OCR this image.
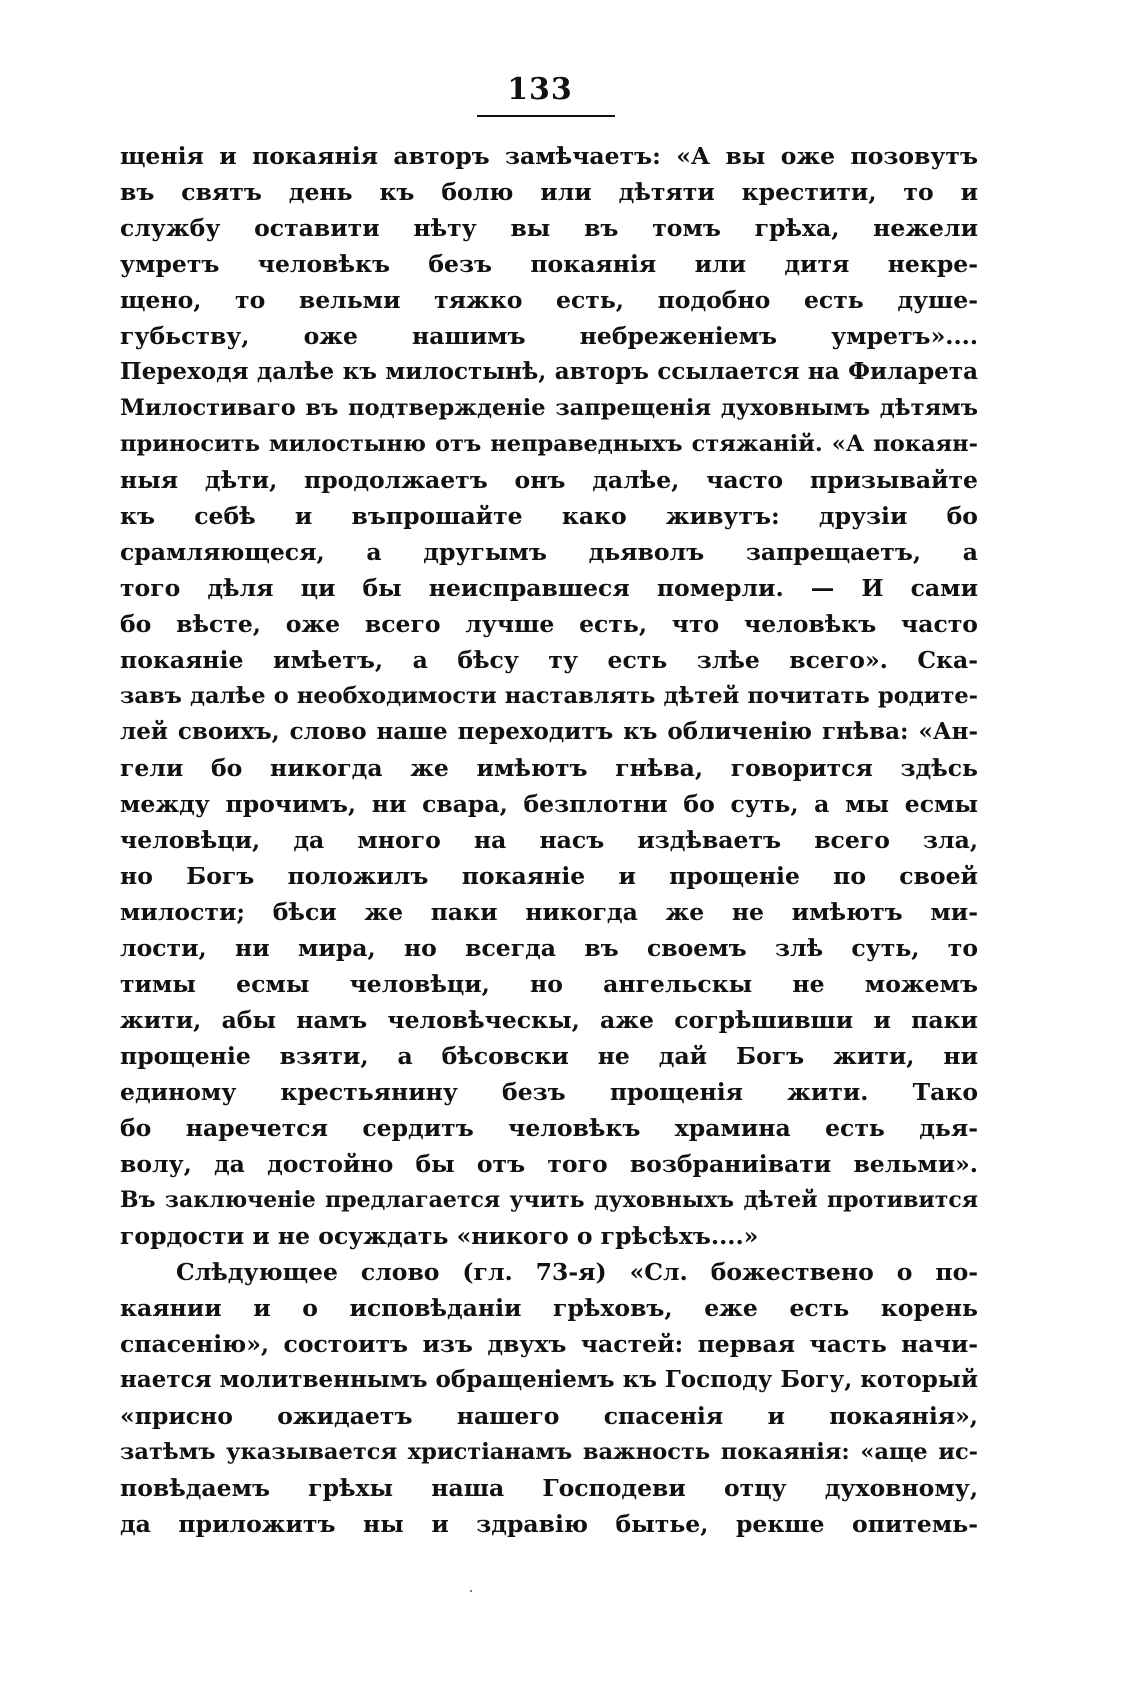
133
щенія и покаянія авторъ замѣчаетъ: «А вы оже позовутъ
въ святъ день къ болю или дѣтяти крестити, то и
службу оставити нѣту вы въ томъ грѣха, нежели
умретъ человѣкъ безъ покаянія или дитя некре-
щено, то вельми тяжко есть, подобно есть душе-
губьству, оже нашимъ небреженіемъ умретъ»....
Переходя далѣе къ милостынѣ, авторъ ссылается на Филарета
Милостиваго въ подтвержденіе запрещенія духовнымъ дѣтямъ
приносить милостыню отъ неправедныхъ стяжаній. «А покаян-
ныя дѣти, продолжаетъ онъ далѣе, часто призывайте
къ себѣ и въпрошайте како живутъ: друзіи бо
срамляющеся, а другымъ дьяволъ запрещаетъ, а
того дѣля ци бы неисправшеся померли. — И сами
бо вѣсте, оже всего лучше есть, что человѣкъ часто
покаяніе имѣетъ, а бѣсу ту есть злѣе всего». Ска-
завъ далѣе о необходимости наставлять дѣтей почитать родите-
лей своихъ, слово наше переходитъ къ обличенію гнѣва: «Ан-
гели бо никогда же имѣютъ гнѣва, говорится здѣсь
между прочимъ, ни свара, безплотни бо суть, а мы есмы
человѣци, да много на насъ издѣваетъ всего зла,
но Богъ положилъ покаяніе и прощеніе по своей
милости; бѣси же паки никогда же не имѣютъ ми-
лости, ни мира, но всегда въ своемъ злѣ суть, то
тимы есмы человѣци, но ангельскы не можемъ
жити, абы намъ человѣческы, аже согрѣшивши и паки
прощеніе взяти, а бѣсовски не дай Богъ жити, ни
единому крестьянину безъ прощенія жити. Тако
бо наречется сердитъ человѣкъ храмина есть дья-
волу, да достойно бы отъ того возбраниівати вельми».
Въ заключеніе предлагается учить духовныхъ дѣтей противится
гордости и не осуждать «никого о грѣсѣхъ....»
Слѣдующее слово (гл. 73-я) «Сл. божествено о по-
каянии и о исповѣданіи грѣховъ, еже есть корень
спасенію», состоитъ изъ двухъ частей: первая часть начи-
нается молитвеннымъ обращеніемъ къ Господу Богу, который
«присно ожидаетъ нашего спасенія и покаянія»,
затѣмъ указывается христіанамъ важность покаянія: «аще ис-
повѣдаемъ грѣхы наша Господеви отцу духовному,
да приложитъ ны и здравію бытье, рекше опитемь-
